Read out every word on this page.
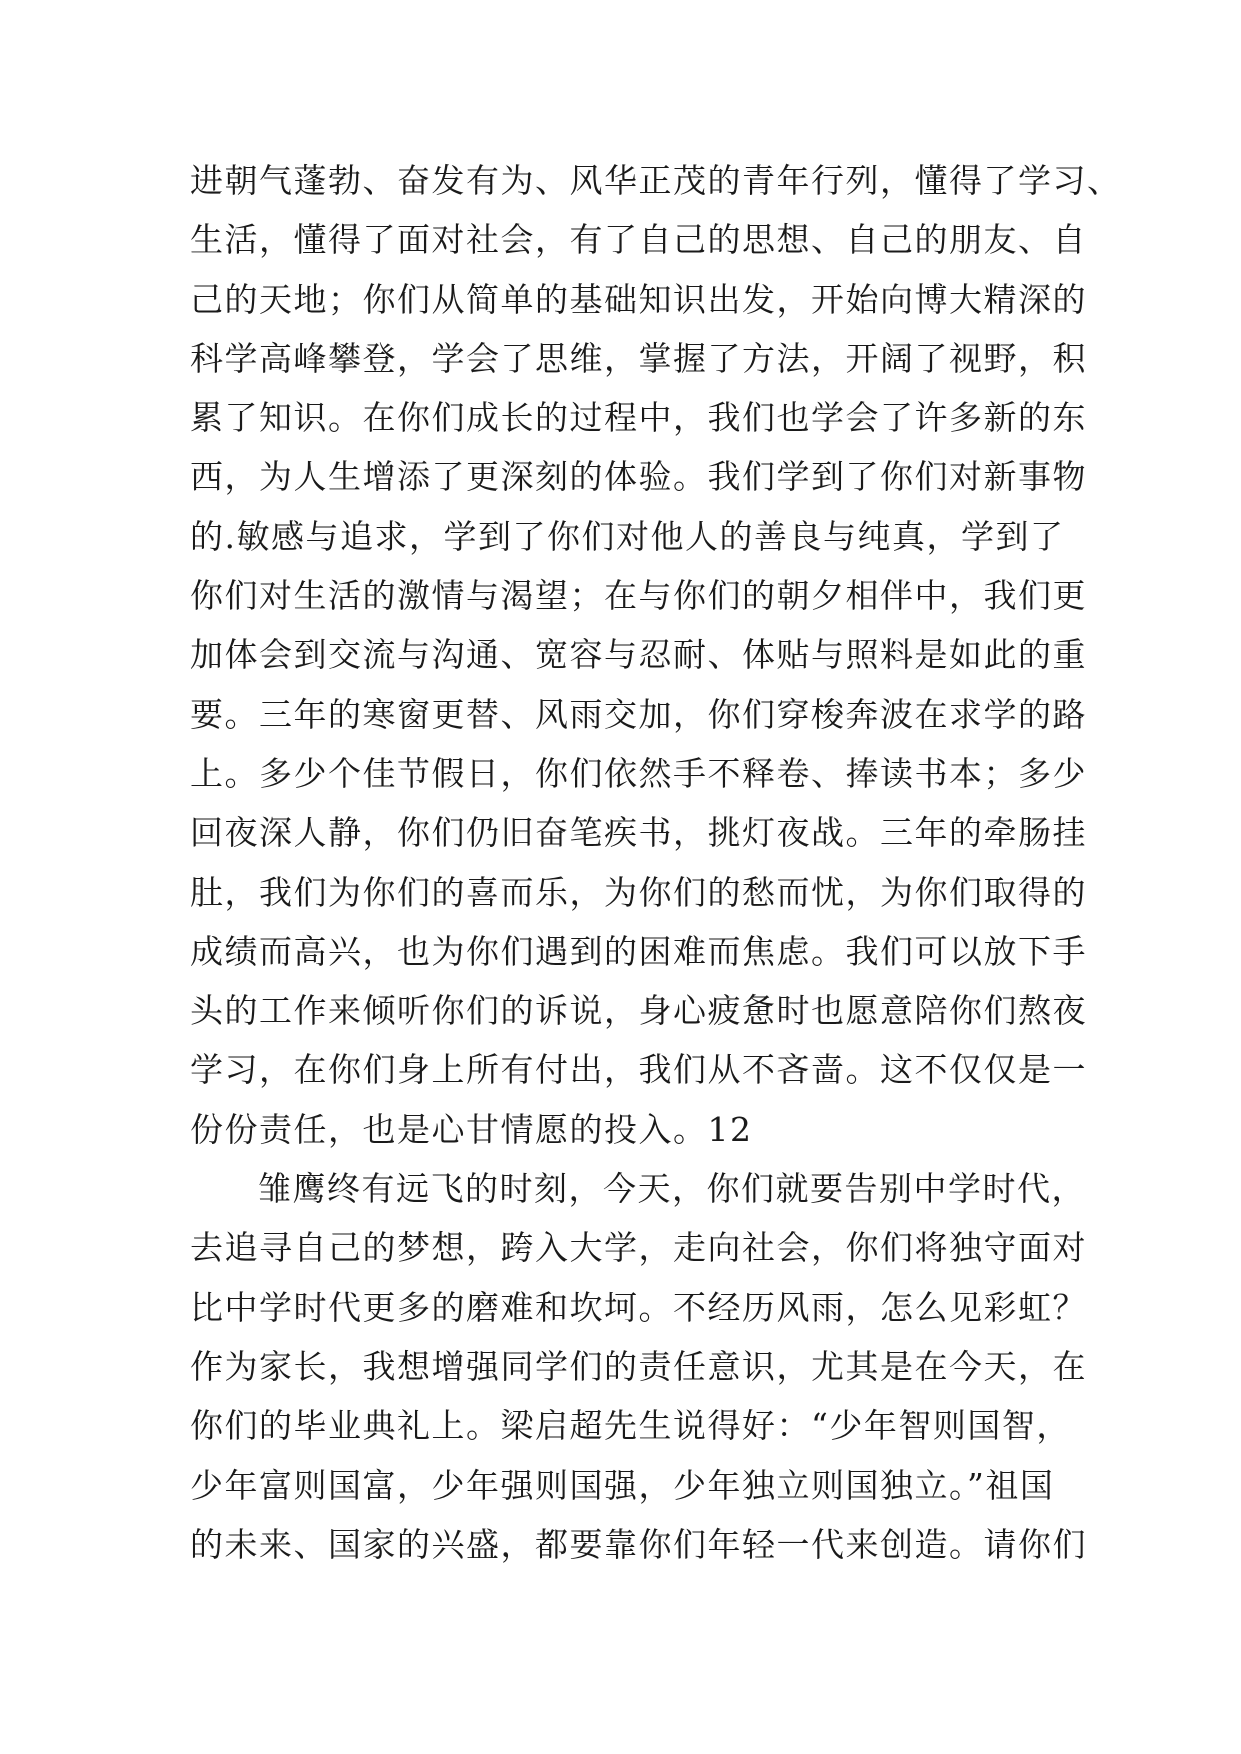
进朝气蓬勃、奋发有为、风华正茂的青年行列，懂得了学习、
生活，懂得了面对社会，有了自己的思想、自己的朋友、自
己的天地；你们从简单的基础知识出发，开始向博大精深的
科学高峰攀登，学会了思维，掌握了方法，开阔了视野，积
累了知识。在你们成长的过程中，我们也学会了许多新的东
西，为人生增添了更深刻的体验。我们学到了你们对新事物
的.敏感与追求，学到了你们对他人的善良与纯真，学到了
你们对生活的激情与渴望；在与你们的朝夕相伴中，我们更
加体会到交流与沟通、宽容与忍耐、体贴与照料是如此的重
要。三年的寒窗更替、风雨交加，你们穿梭奔波在求学的路
上。多少个佳节假日，你们依然手不释卷、捧读书本；多少
回夜深人静，你们仍旧奋笔疾书，挑灯夜战。三年的牵肠挂
肚，我们为你们的喜而乐，为你们的愁而忧，为你们取得的
成绩而高兴，也为你们遇到的困难而焦虑。我们可以放下手
头的工作来倾听你们的诉说，身心疲惫时也愿意陪你们熬夜
学习，在你们身上所有付出，我们从不吝啬。这不仅仅是一
份份责任，也是心甘情愿的投入。12
雏鹰终有远飞的时刻，今天，你们就要告别中学时代，
去追寻自己的梦想，跨入大学，走向社会，你们将独守面对
比中学时代更多的磨难和坎坷。不经历风雨，怎么见彩虹？
作为家长，我想增强同学们的责任意识，尤其是在今天，在
你们的毕业典礼上。梁启超先生说得好：“少年智则国智，
少年富则国富，少年强则国强，少年独立则国独立。”祖国
的未来、国家的兴盛，都要靠你们年轻一代来创造。请你们
